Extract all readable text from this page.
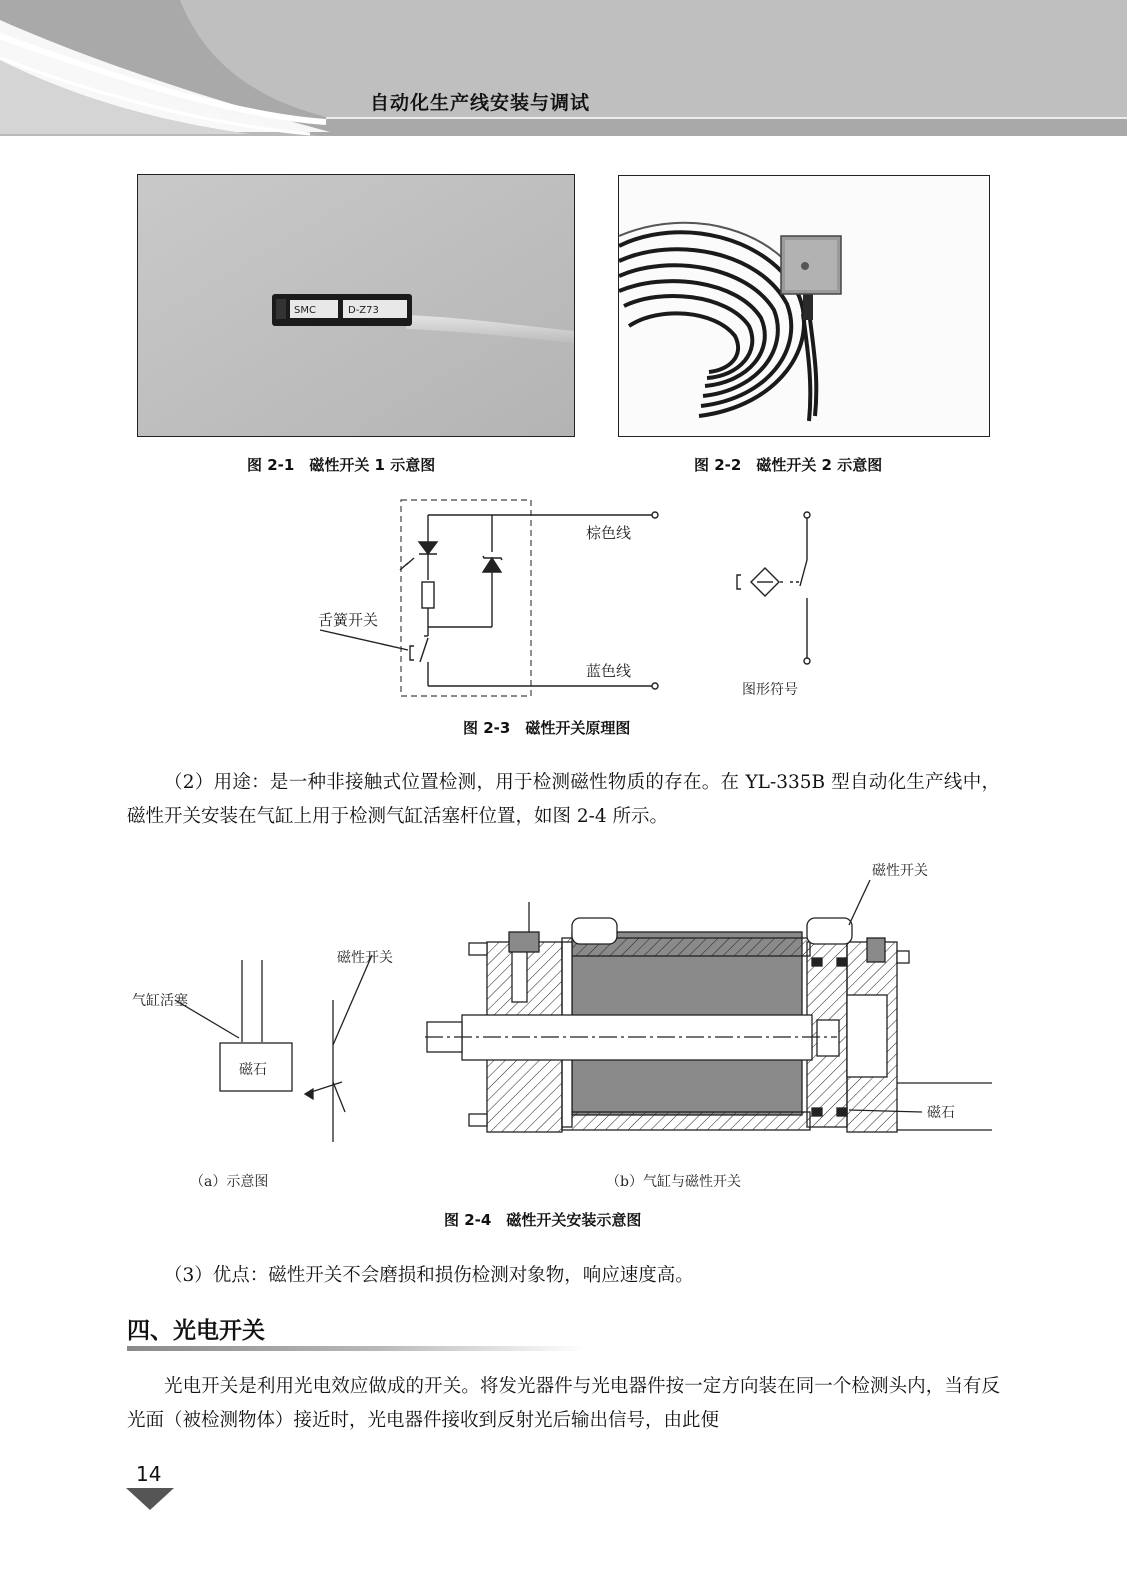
自动化生产线安装与调试
SMC	D-Z73
图 2-1　磁性开关 1 示意图	图 2-2　磁性开关 2 示意图
棕色线
蓝色线
舌簧开关
图形符号
图 2-3　磁性开关原理图
（2）用途：是一种非接触式位置检测，用于检测磁性物质的存在。在 YL-335B 型自动化生产线中，磁性开关安装在气缸上用于检测气缸活塞杆位置，如图 2-4 所示。
气缸活塞
磁石
磁性开关
磁性开关
磁石
（a）示意图	（b）气缸与磁性开关
图 2-4　磁性开关安装示意图
（3）优点：磁性开关不会磨损和损伤检测对象物，响应速度高。
四、光电开关
光电开关是利用光电效应做成的开关。将发光器件与光电器件按一定方向装在同一个检测头内，当有反光面（被检测物体）接近时，光电器件接收到反射光后输出信号，由此便
14
